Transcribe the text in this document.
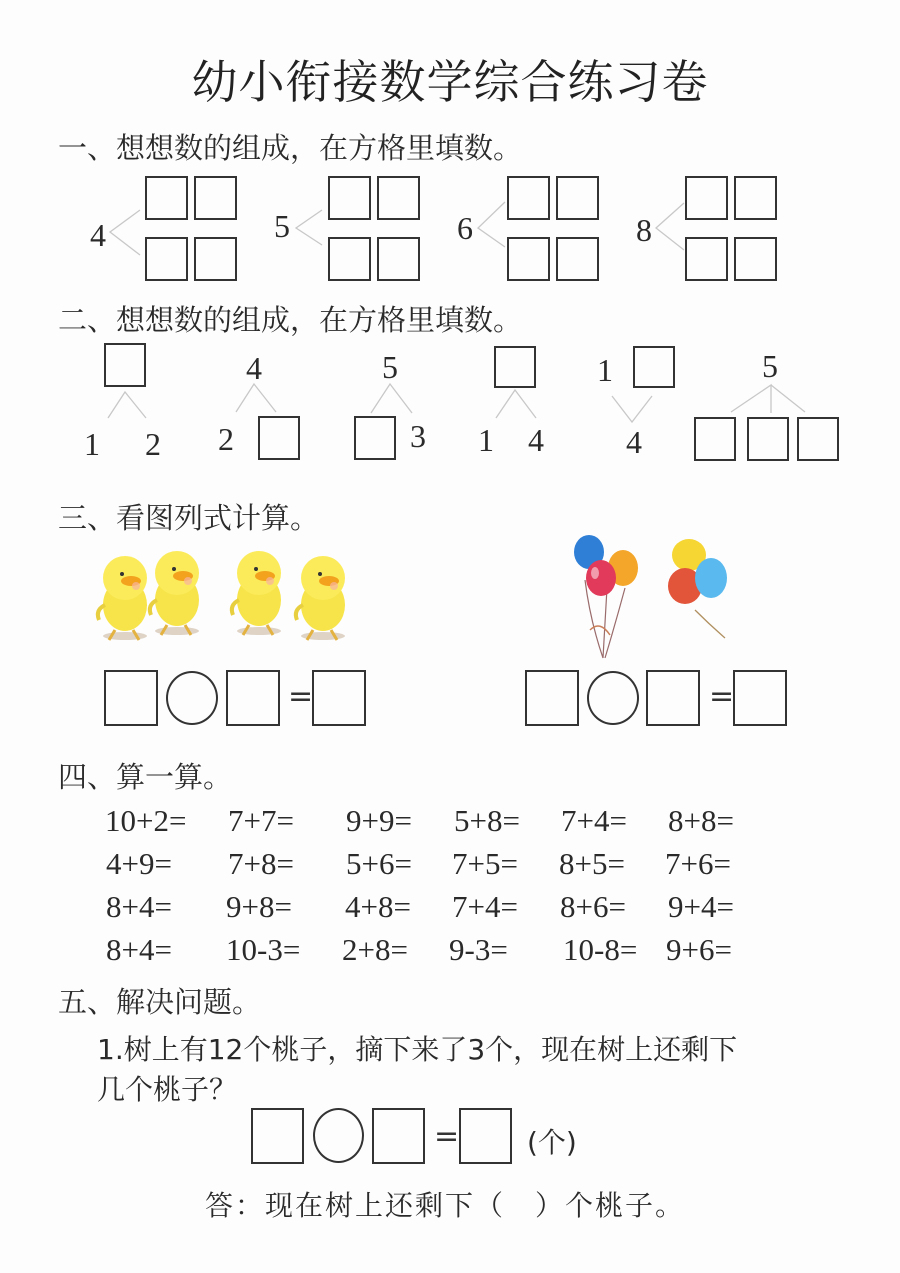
幼小衔接数学综合练习卷
一、想想数的组成，在方格里填数。
4	5	6	8
二、想想数的组成，在方格里填数。
1 2
4
2
5
3 1 4
1
4
5
三、看图列式计算。
=	=
四、算一算。
10+2= 7+7= 9+9= 5+8= 7+4= 8+8=
4+9= 7+8= 5+6= 7+5= 8+5= 7+6=
8+4= 9+8= 4+8= 7+4= 8+6= 9+4=
8+4= 10-3= 2+8= 9-3= 10-8= 9+6=
五、解决问题。
1.树上有12个桃子，摘下来了3个，现在树上还剩下
几个桃子？
= (个)
答：现在树上还剩下（　）个桃子。
